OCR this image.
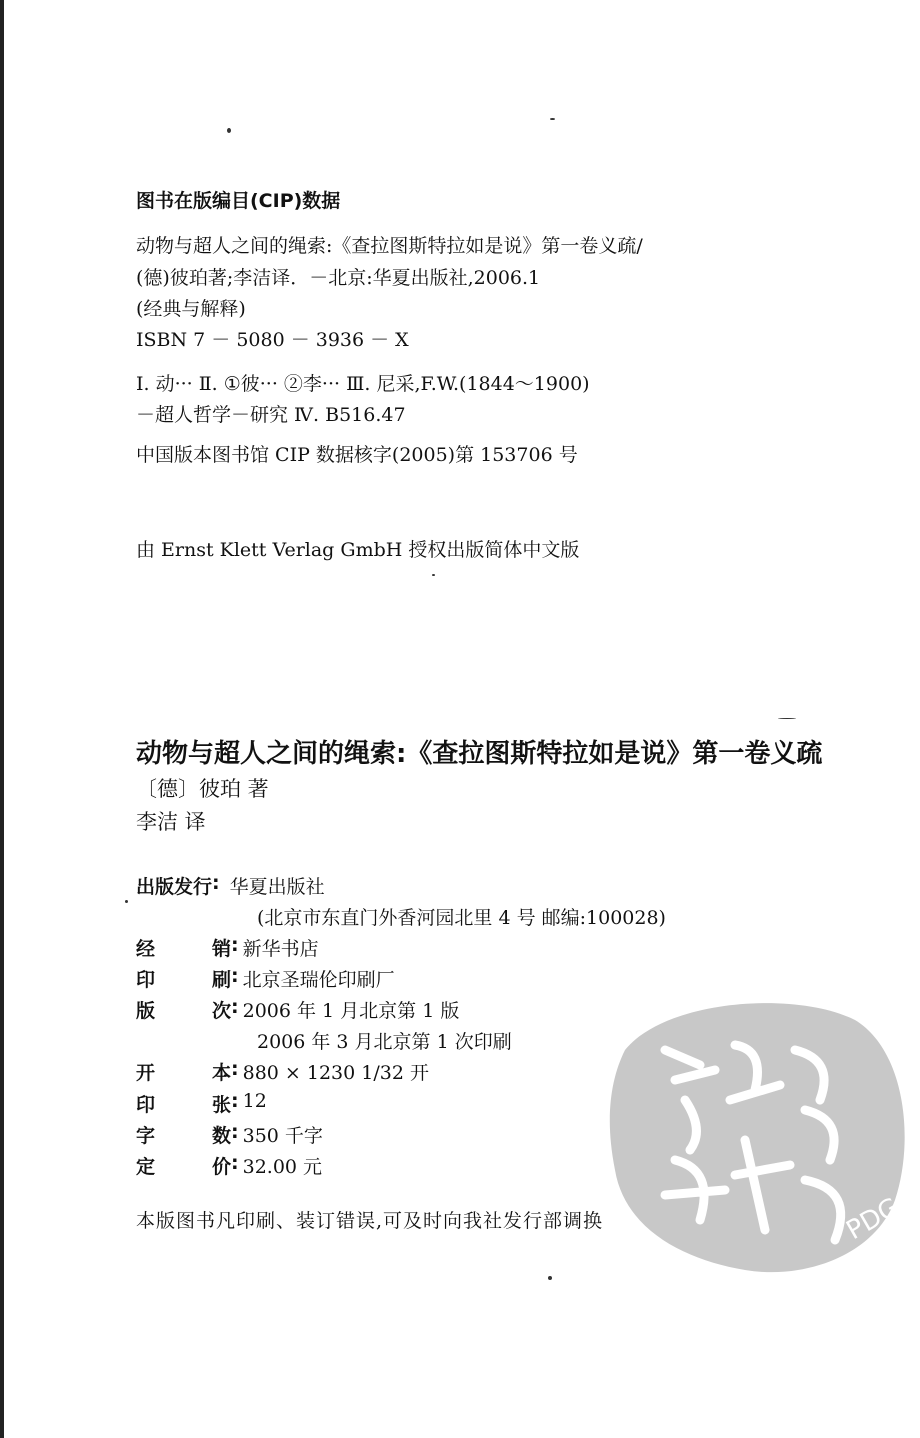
图书在版编目(CIP)数据
动物与超人之间的绳索:《查拉图斯特拉如是说》第一卷义疏/
(德)彼珀著;李洁译．－北京:华夏出版社,2006.1
(经典与解释)
ISBN 7 － 5080 － 3936 － X
Ⅰ. 动··· Ⅱ. ①彼··· ②李··· Ⅲ. 尼采,F.W.(1844～1900)
－超人哲学－研究 Ⅳ. B516.47
中国版本图书馆 CIP 数据核字(2005)第 153706 号
由 Ernst Klett Verlag GmbH 授权出版简体中文版
动物与超人之间的绳索:《查拉图斯特拉如是说》第一卷义疏
〔德〕彼珀 著
李洁 译
出版发行 : 华夏出版社
(北京市东直门外香河园北里 4 号 邮编:100028)
经	销 : 新华书店
印	刷 : 北京圣瑞伦印刷厂
版	次 : 2006 年 1 月北京第 1 版
2006 年 3 月北京第 1 次印刷
开	本 : 880 × 1230 1/32 开
印	张 : 12
字	数 : 350 千字
定	价 : 32.00 元
本版图书凡印刷、装订错误,可及时向我社发行部调换	PDG
